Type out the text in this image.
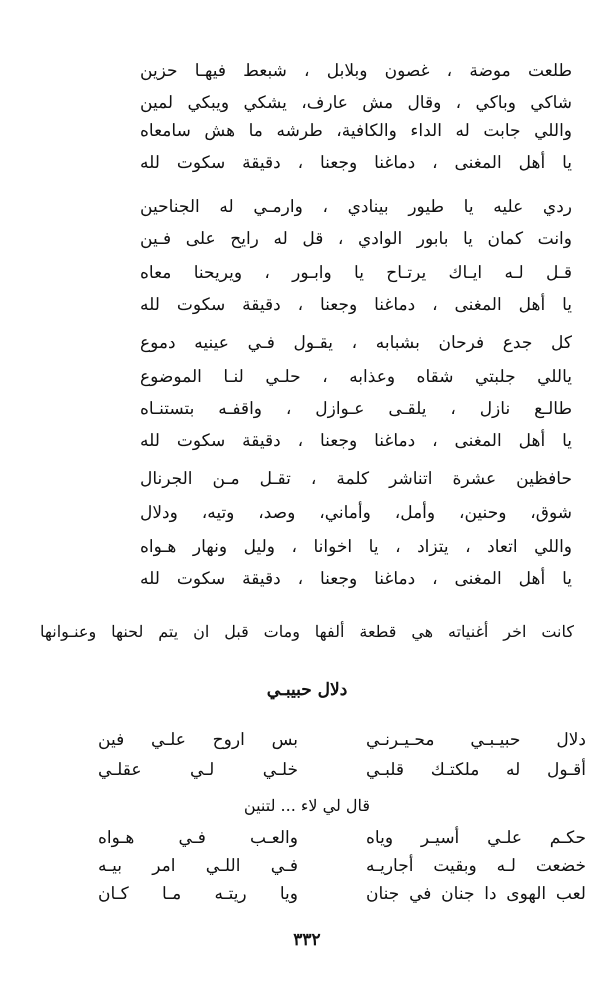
طلعت موضة ، غصون وبلابل ، شبعط فيهـا حزين
شاكي وباكي ، وقال مش عارف، يشكي ويبكي لمين
واللي جابت له الداء والكافية، طرشه ما هش سامعاه
يا أهل المغنى ، دماغنا وجعنا ، دقيقة سكوت لله
ردي عليه يا طيور بينادي ، وارمـي له الجناحين
وانت كمان يا بابور الوادي ، قل له رايح على فـين
قـل لـه ايـاك يرتـاح يا وابـور ، ويريحنا معاه
يا أهل المغنى ، دماغنا وجعنا ، دقيقة سكوت لله
كل جدع فرحان بشبابه ، يقـول فـي عينيه دموع
ياللي جلبتي شقاه وعذابه ، حلـي لنـا الموضوع
طالـع نازل ، يلقـى عـوازل ، واقفـه بتستنـاه
يا أهل المغنى ، دماغنا وجعنا ، دقيقة سكوت لله
حافظين عشرة اتناشر كلمة ، تقـل مـن الجرنال
شوق، وحنين، وأمل، وأماني، وصد، وتيه، ودلال
واللي اتعاد ، يتزاد ، يا اخوانا ، وليل ونهار هـواه
يا أهل المغنى ، دماغنا وجعنا ، دقيقة سكوت لله
كانت اخر أغنياته هي قطعة ألفها ومات قبل ان يتم لحنها وعنـوانها
دلال حبيبـي
دلال حبيـبـي محـيـرنـي
بس اروح علـي فين
أقـول له ملكتـك قلبـي
خلـي لـي عقلـي
قال لي لاء ... لتنين
حكـم علـي أسيـر وياه
والعـب فـي هـواه
خضعت لـه وبقيت أجاريـه
فـي اللـي امر بيـه
لعب الهوى دا جنان في جنان
ويا ريتـه مـا كـان
٣٣٢
